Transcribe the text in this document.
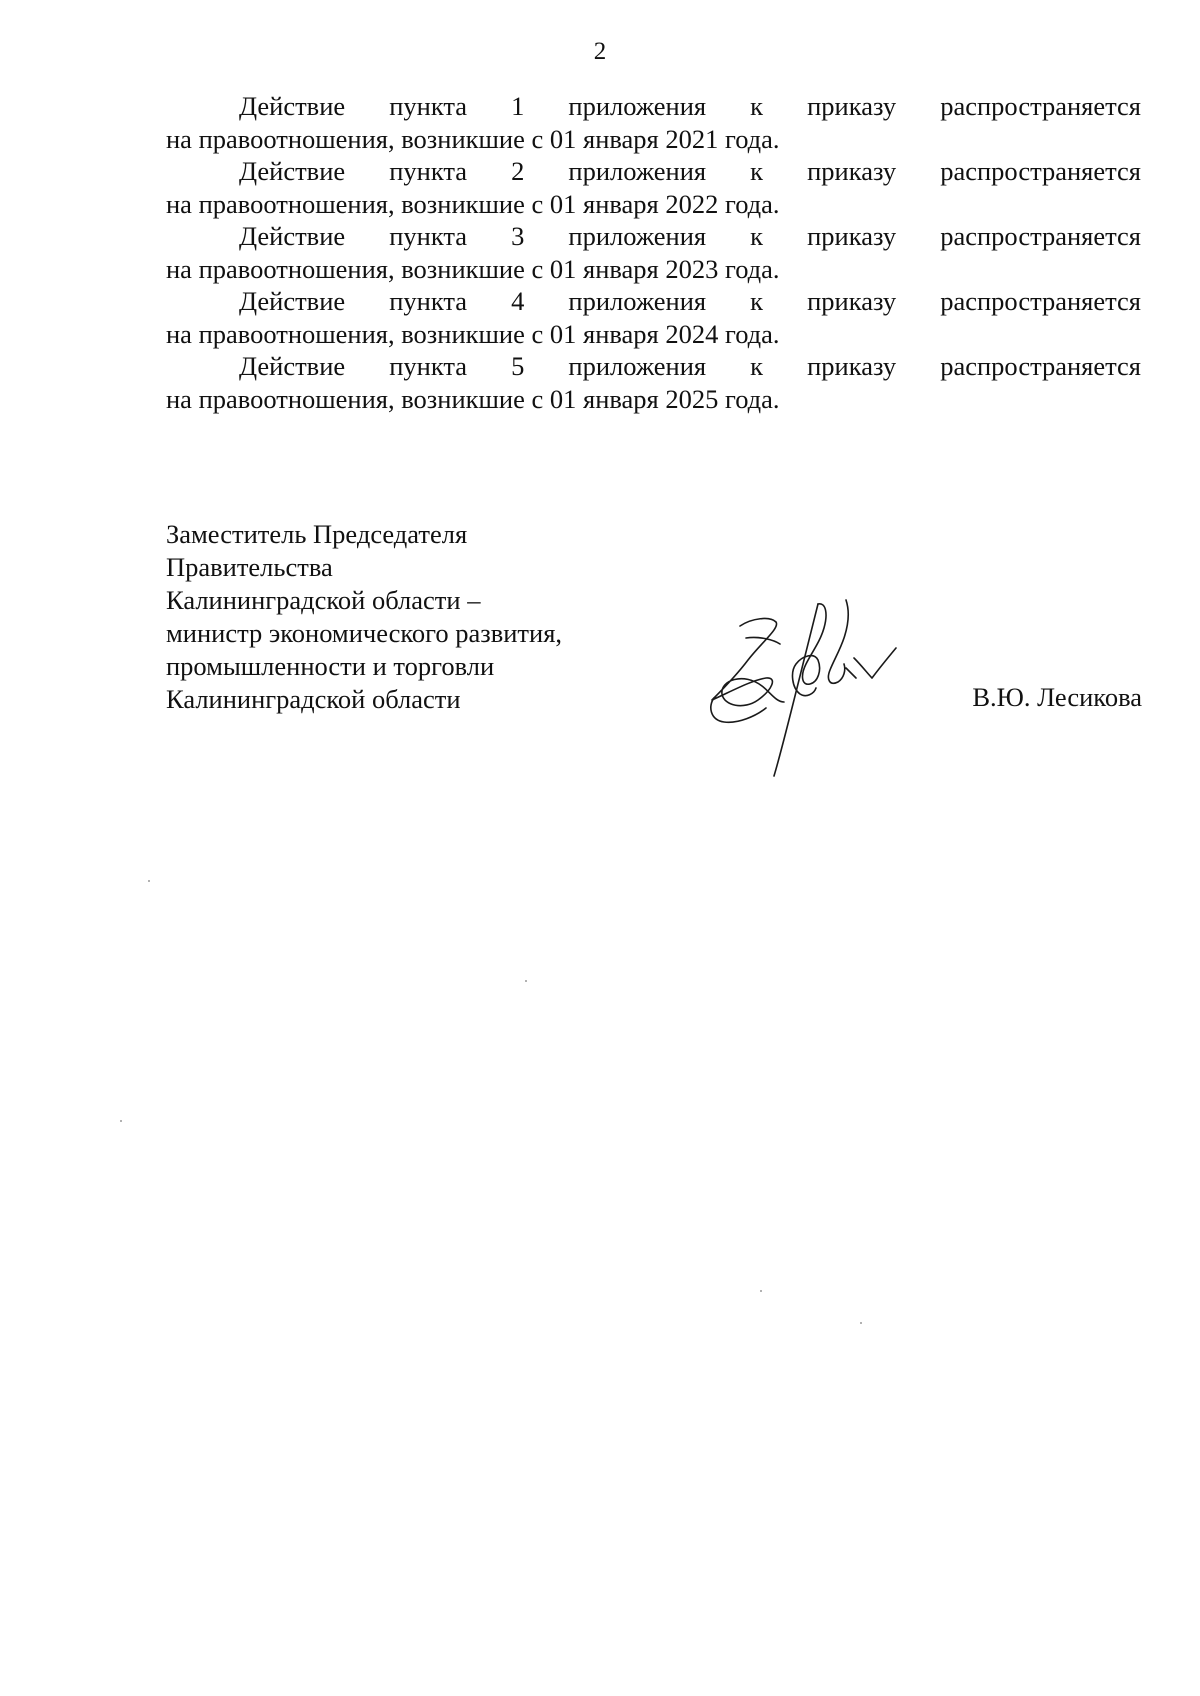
2

Действие пункта 1 приложения к приказу распространяется
на правоотношения, возникшие с 01 января 2021 года.

Действие пункта 2 приложения к приказу распространяется
на правоотношения, возникшие с 01 января 2022 года.

Действие пункта 3 приложения к приказу распространяется
на правоотношения, возникшие с 01 января 2023 года.

Действие пункта 4 приложения к приказу распространяется
на правоотношения, возникшие с 01 января 2024 года.

Действие пункта 5 приложения к приказу распространяется
на правоотношения, возникшие с 01 января 2025 года.

Заместитель Председателя
Правительства
Калининградской области –
министр экономического развития,
промышленности и торговли
Калининградской области	В.Ю. Лесикова
